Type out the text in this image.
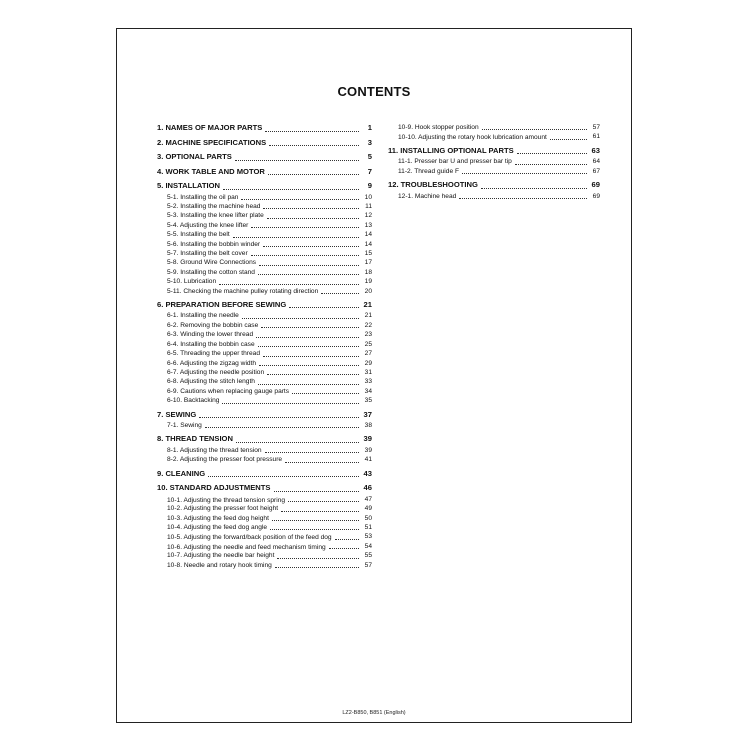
CONTENTS
1. NAMES OF MAJOR PARTS	1
2. MACHINE SPECIFICATIONS	3
3. OPTIONAL PARTS	5
4. WORK TABLE AND MOTOR	7
5. INSTALLATION	9
5-1. Installing the oil pan	10
5-2. Installing the machine head	11
5-3. Installing the knee lifter plate	12
5-4. Adjusting the knee lifter	13
5-5. Installing the belt	14
5-6. Installing the bobbin winder	14
5-7. Installing the belt cover	15
5-8. Ground Wire Connections	17
5-9. Installing the cotton stand	18
5-10. Lubrication	19
5-11. Checking the machine pulley rotating direction	20
6. PREPARATION BEFORE SEWING	21
6-1. Installing the needle	21
6-2. Removing the bobbin case	22
6-3. Winding the lower thread	23
6-4. Installing the bobbin case	25
6-5. Threading the upper thread	27
6-6. Adjusting the zigzag width	29
6-7. Adjusting the needle position	31
6-8. Adjusting the stitch length	33
6-9. Cautions when replacing gauge parts	34
6-10. Backtacking	35
7. SEWING	37
7-1. Sewing	38
8. THREAD TENSION	39
8-1. Adjusting the thread tension	39
8-2. Adjusting the presser foot pressure	41
9. CLEANING	43
10. STANDARD ADJUSTMENTS	46
10-1. Adjusting the thread tension spring	47
10-2. Adjusting the presser foot height	49
10-3. Adjusting the feed dog height	50
10-4. Adjusting the feed dog angle	51
10-5. Adjusting the forward/back position of the feed dog	53
10-6. Adjusting the needle and feed mechanism timing	54
10-7. Adjusting the needle bar height	55
10-8. Needle and rotary hook timing	57
10-9. Hook stopper position	57
10-10. Adjusting the rotary hook lubrication amount	61
11. INSTALLING OPTIONAL PARTS	63
11-1. Presser bar U and presser bar tip	64
11-2. Thread guide F	67
12. TROUBLESHOOTING	69
12-1. Machine head	69
LZ2-B850, B851 (English)
